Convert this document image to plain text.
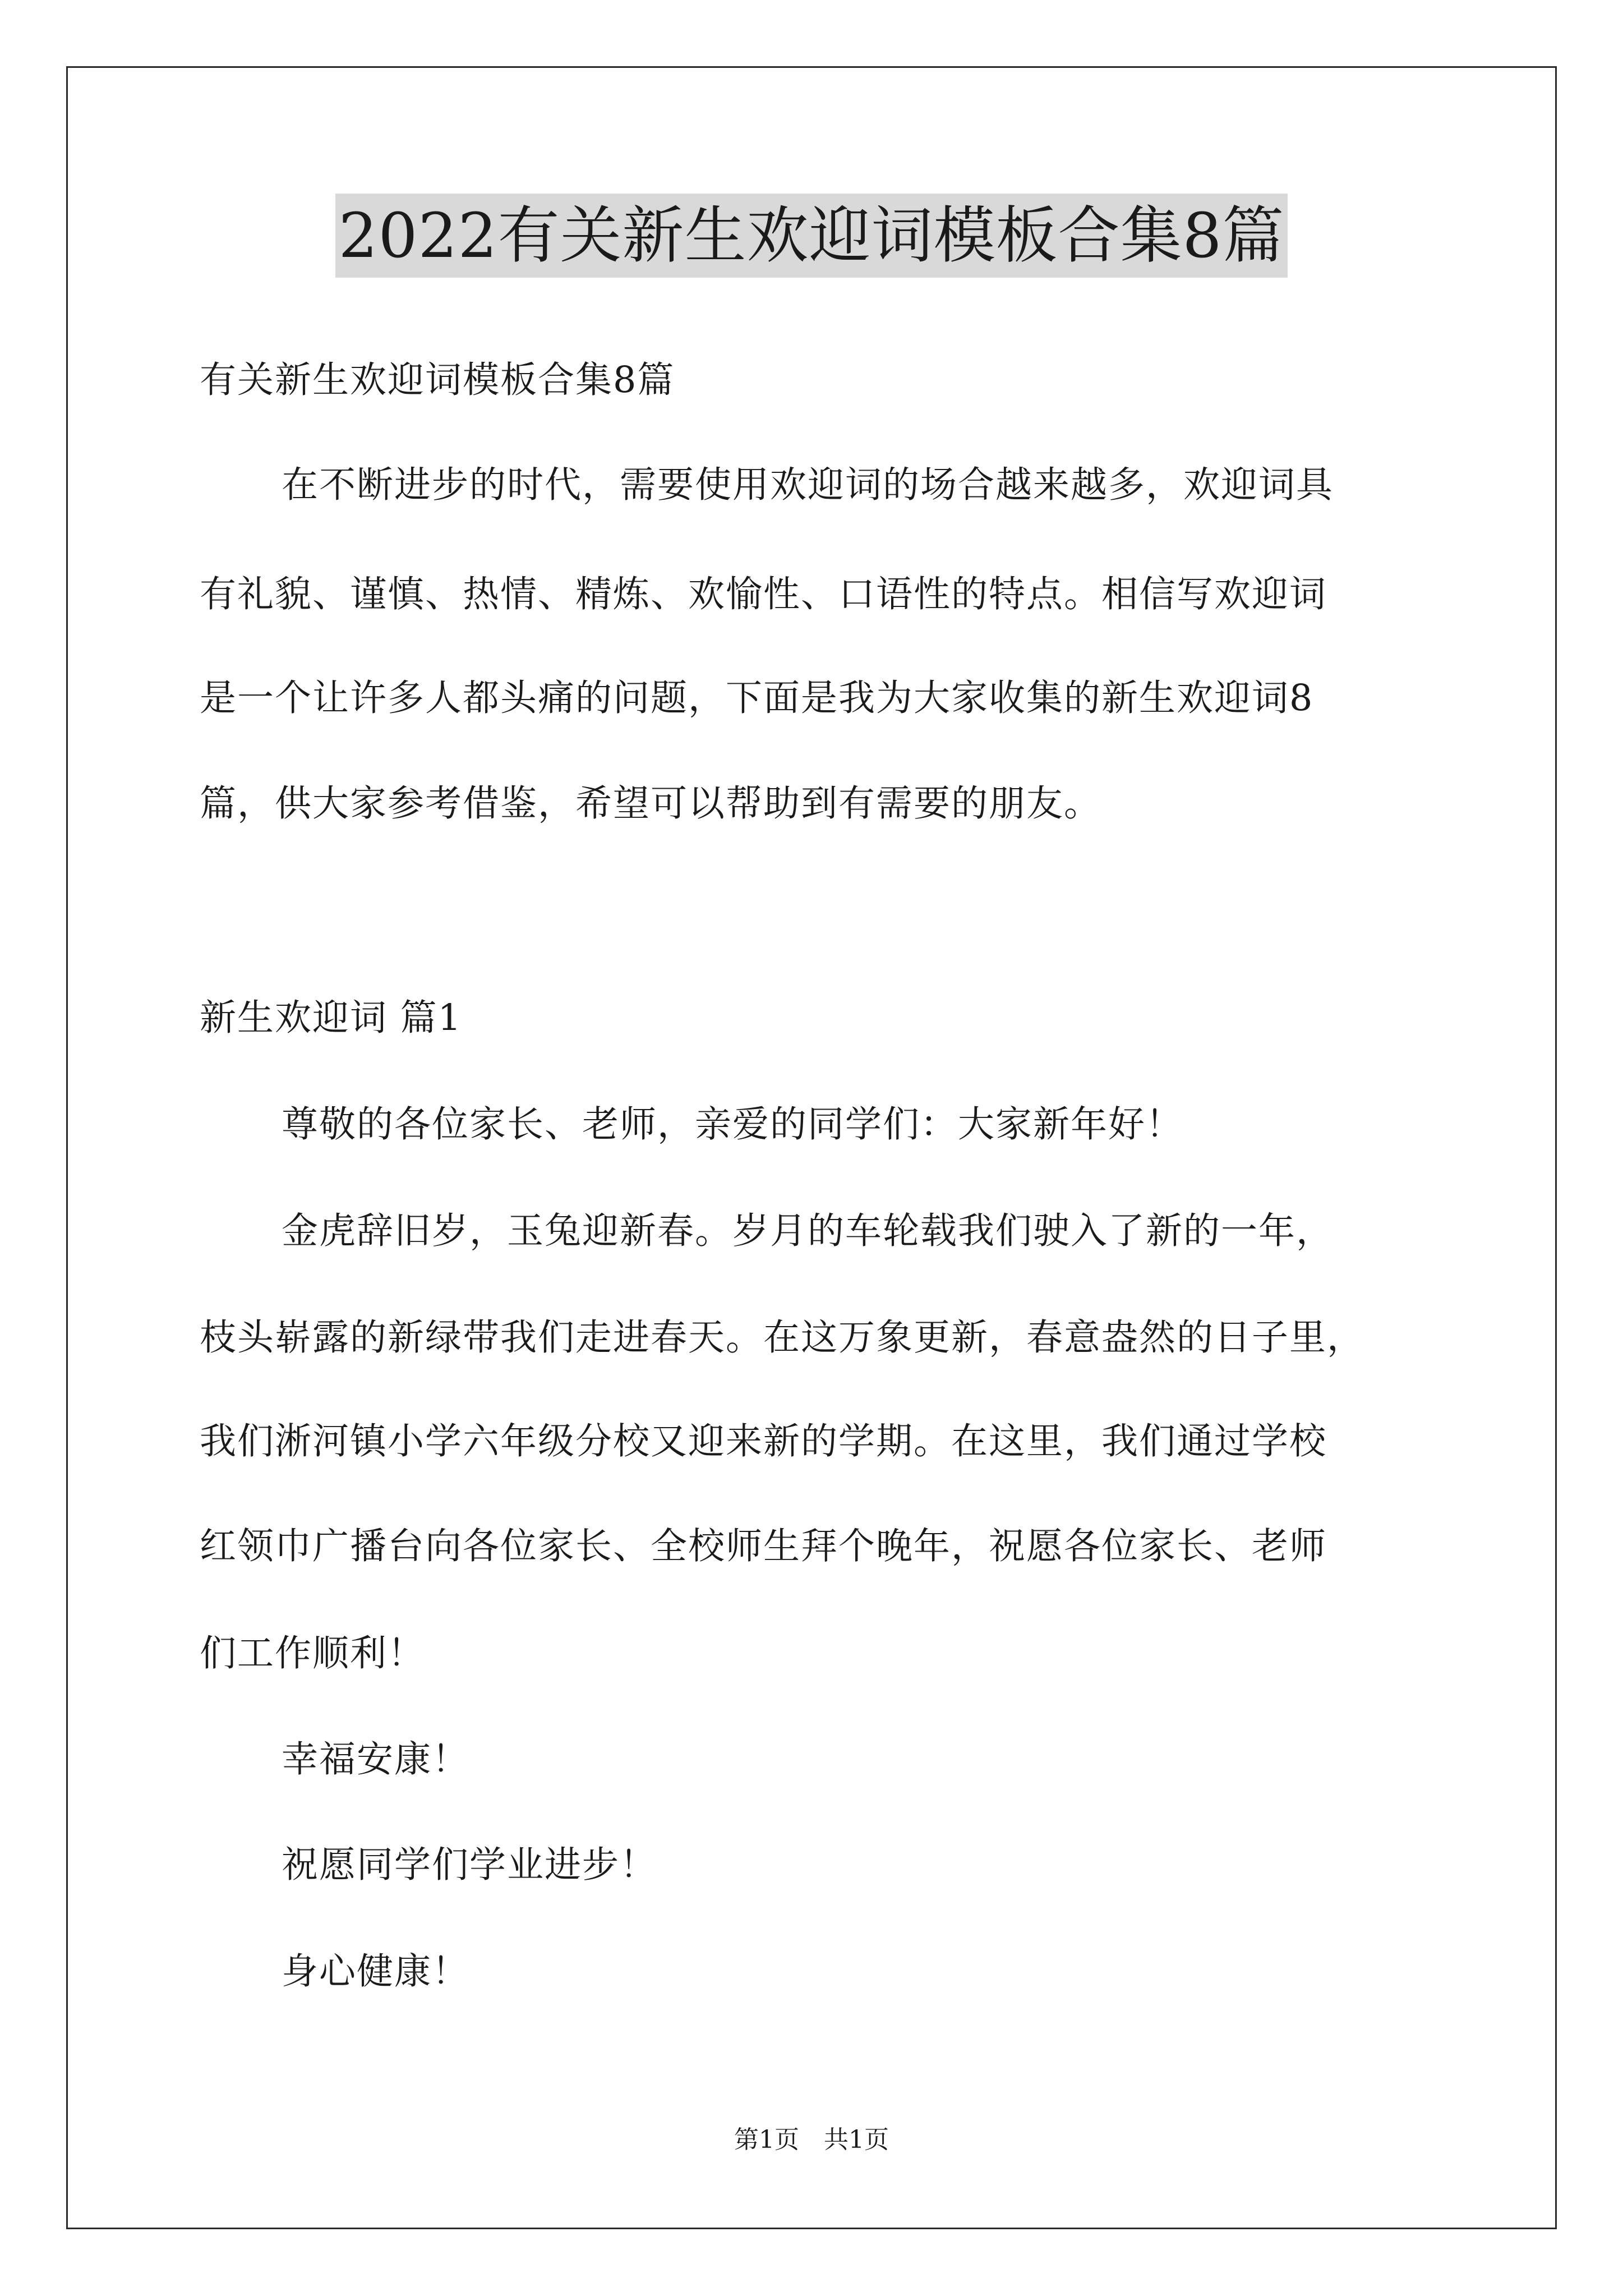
2022有关新生欢迎词模板合集8篇
有关新生欢迎词模板合集8篇
在不断进步的时代，需要使用欢迎词的场合越来越多，欢迎词具
有礼貌、谨慎、热情、精炼、欢愉性、口语性的特点。相信写欢迎词
是一个让许多人都头痛的问题，下面是我为大家收集的新生欢迎词8
篇，供大家参考借鉴，希望可以帮助到有需要的朋友。
新生欢迎词 篇1
尊敬的各位家长、老师，亲爱的同学们：大家新年好！
金虎辞旧岁，玉兔迎新春。岁月的车轮载我们驶入了新的一年，
枝头崭露的新绿带我们走进春天。在这万象更新，春意盎然的日子里，
我们淅河镇小学六年级分校又迎来新的学期。在这里，我们通过学校
红领巾广播台向各位家长、全校师生拜个晚年，祝愿各位家长、老师
们工作顺利！
幸福安康！
祝愿同学们学业进步！
身心健康！
第1页　共1页
